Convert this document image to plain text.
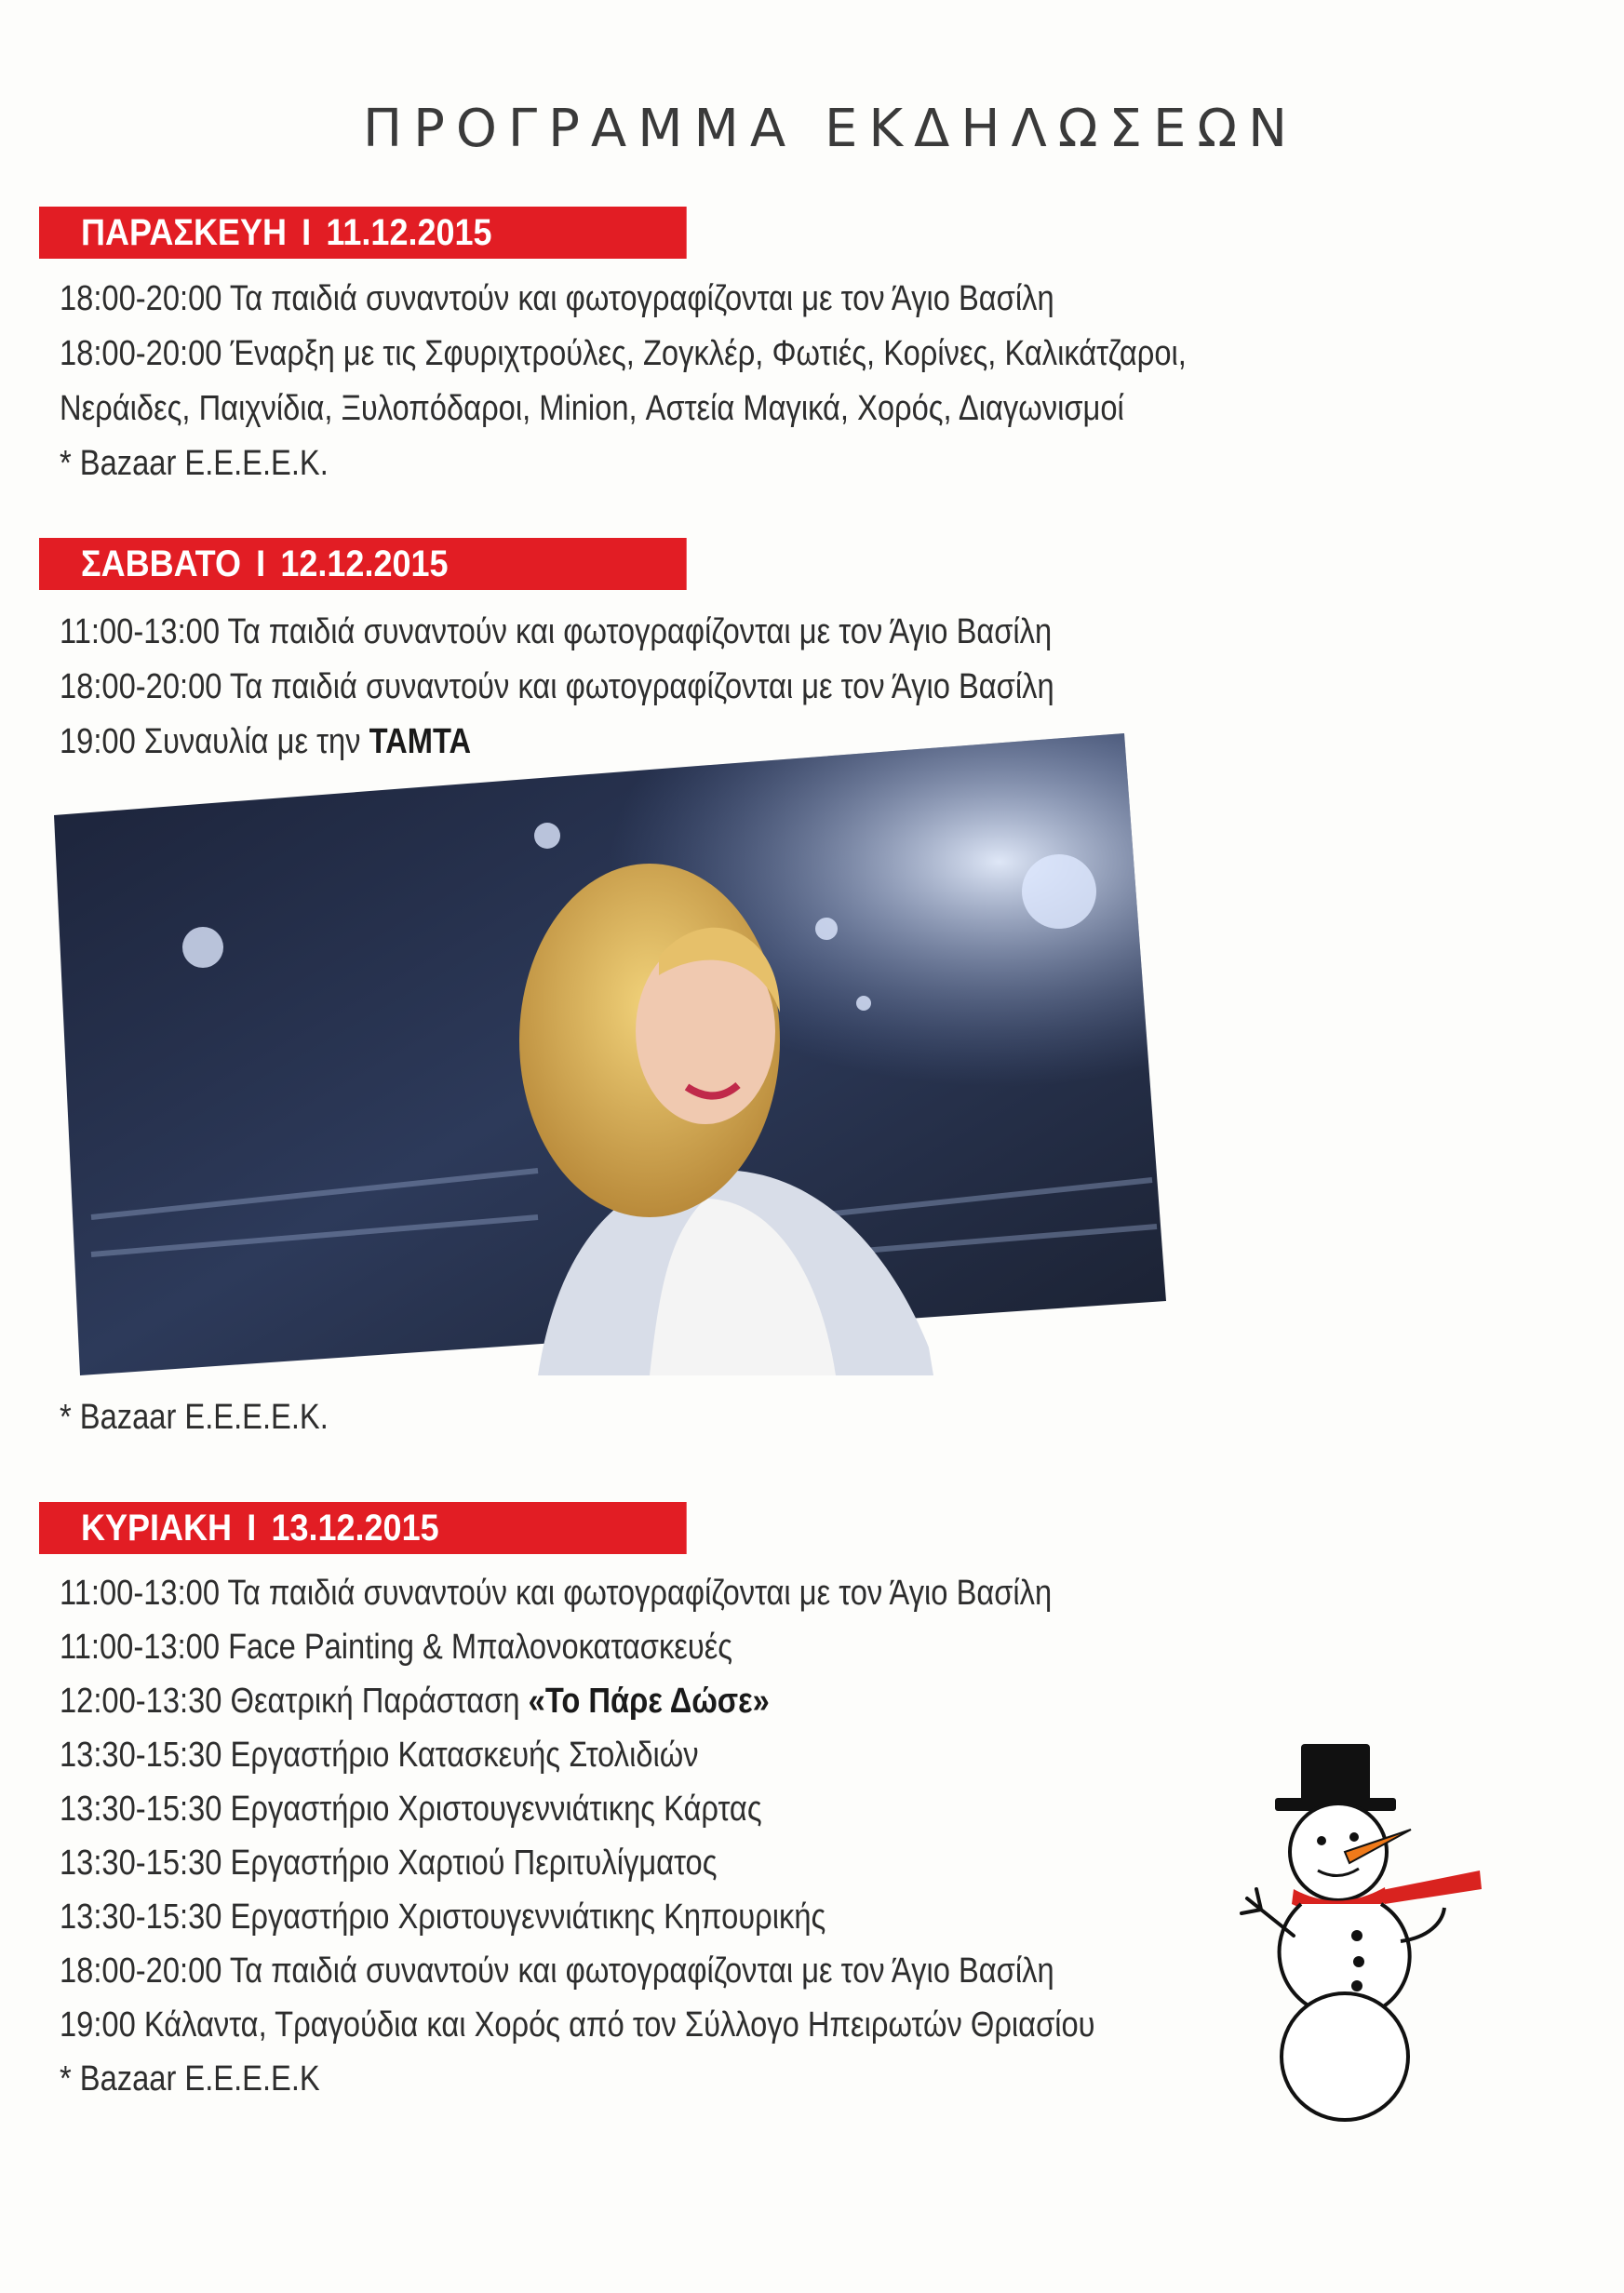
ΠΡΟΓΡΑΜΜΑ ΕΚΔΗΛΩΣΕΩΝ
ΠΑΡΑΣΚΕΥΗ I 11.12.2015
18:00-20:00 Τα παιδιά συναντούν και φωτογραφίζονται με τον Άγιο Βασίλη
18:00-20:00 Έναρξη με τις Σφυριχτρούλες, Ζογκλέρ, Φωτιές, Κορίνες, Καλικάτζαροι,
Νεράιδες, Παιχνίδια, Ξυλοπόδαροι, Minion, Αστεία Μαγικά, Χορός, Διαγωνισμοί
* Bazaar Ε.Ε.Ε.Ε.Κ.
ΣΑΒΒΑΤΟ I 12.12.2015
11:00-13:00 Τα παιδιά συναντούν και φωτογραφίζονται με τον Άγιο Βασίλη
18:00-20:00 Τα παιδιά συναντούν και φωτογραφίζονται με τον Άγιο Βασίλη
19:00 Συναυλία με την ΤΑΜΤΑ
* Bazaar Ε.Ε.Ε.Ε.Κ.
ΚΥΡΙΑΚΗ I 13.12.2015
11:00-13:00 Τα παιδιά συναντούν και φωτογραφίζονται με τον Άγιο Βασίλη
11:00-13:00 Face Painting & Μπαλονοκατασκευές
12:00-13:30 Θεατρική Παράσταση «Το Πάρε Δώσε»
13:30-15:30 Εργαστήριο Κατασκευής Στολιδιών
13:30-15:30 Εργαστήριο Χριστουγεννιάτικης Κάρτας
13:30-15:30 Εργαστήριο Χαρτιού Περιτυλίγματος
13:30-15:30 Εργαστήριο Χριστουγεννιάτικης Κηπουρικής
18:00-20:00 Τα παιδιά συναντούν και φωτογραφίζονται με τον Άγιο Βασίλη
19:00 Κάλαντα, Τραγούδια και Χορός από τον Σύλλογο Ηπειρωτών Θριασίου
* Bazaar Ε.Ε.Ε.Ε.Κ
